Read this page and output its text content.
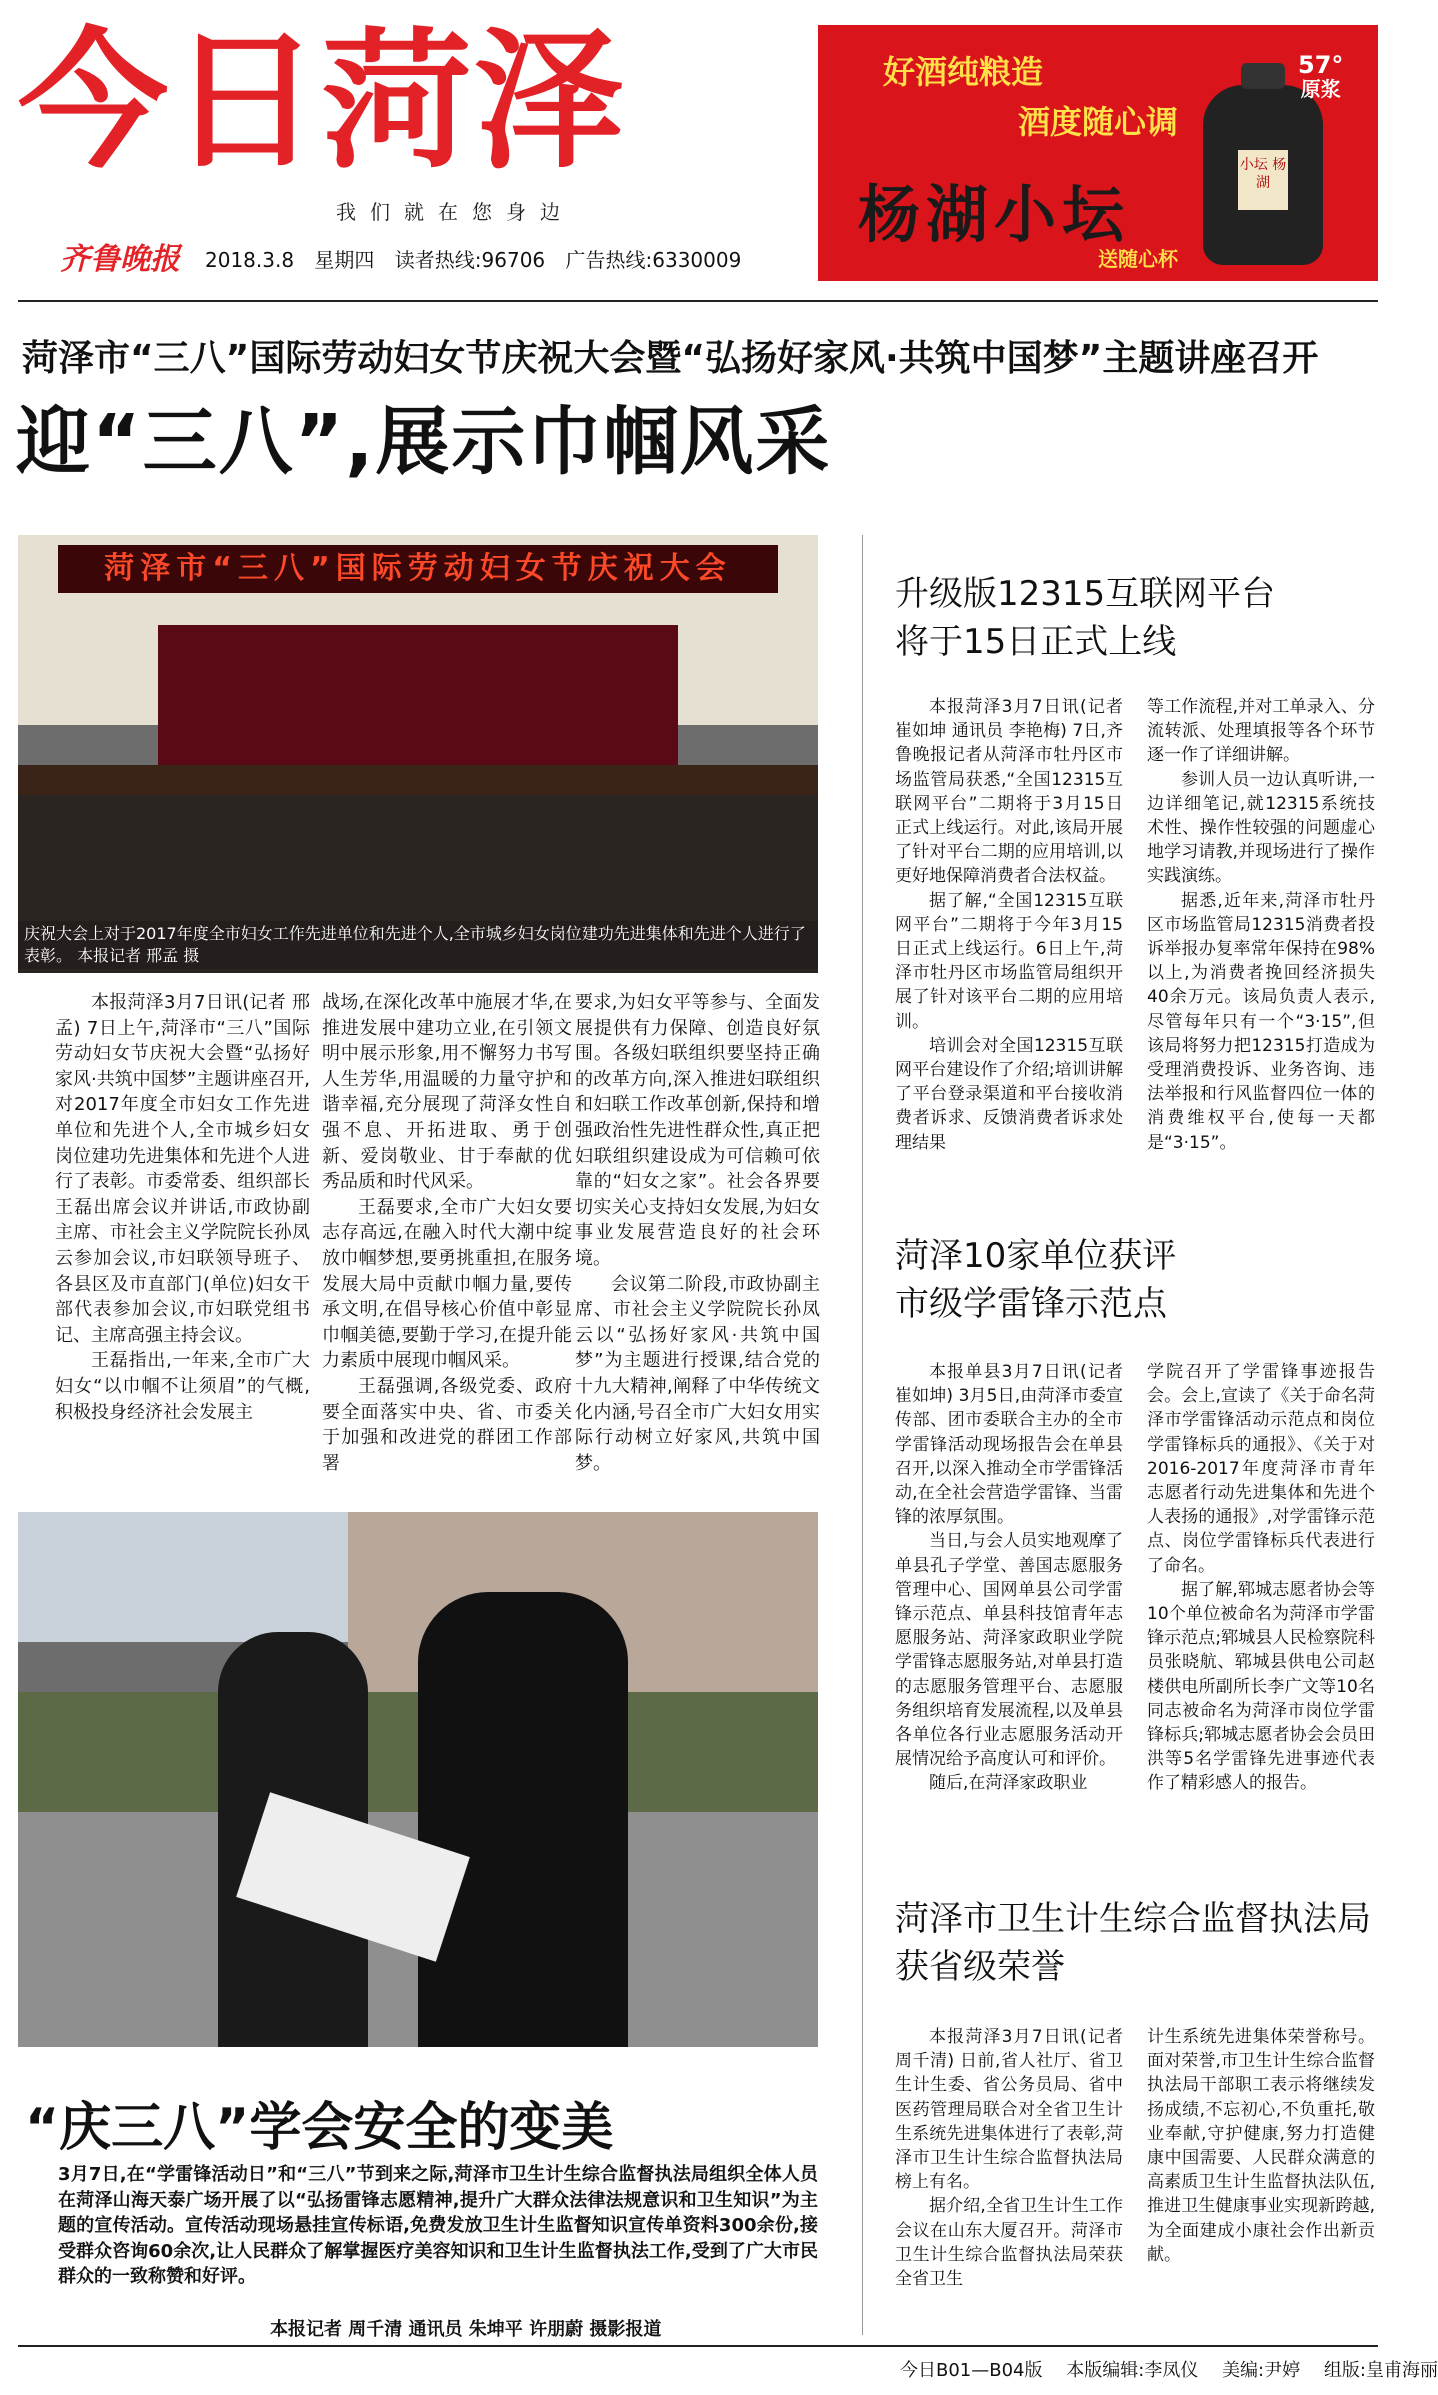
今日菏泽
我们就在您身边
齐鲁晚报 2018.3.8 星期四 读者热线:96706 广告热线:6330009
好酒纯粮造
酒度随心调
杨湖小坛
送随心杯
小坛 杨湖
57°
原浆
菏泽市“三八”国际劳动妇女节庆祝大会暨“弘扬好家风·共筑中国梦”主题讲座召开
迎“三八”,展示巾帼风采
菏泽市“三八”国际劳动妇女节庆祝大会
庆祝大会上对于2017年度全市妇女工作先进单位和先进个人,全市城乡妇女岗位建功先进集体和先进个人进行了表彰。 本报记者 邢孟 摄

本报菏泽3月7日讯(记者 邢孟) 7日上午,菏泽市“三八”国际劳动妇女节庆祝大会暨“弘扬好家风·共筑中国梦”主题讲座召开,对2017年度全市妇女工作先进单位和先进个人,全市城乡妇女岗位建功先进集体和先进个人进行了表彰。市委常委、组织部长王磊出席会议并讲话,市政协副主席、市社会主义学院院长孙凤云参加会议,市妇联领导班子、各县区及市直部门(单位)妇女干部代表参加会议,市妇联党组书记、主席高强主持会议。

王磊指出,一年来,全市广大妇女“以巾帼不让须眉”的气概,积极投身经济社会发展主

战场,在深化改革中施展才华,在推进发展中建功立业,在引领文明中展示形象,用不懈努力书写人生芳华,用温暖的力量守护和谐幸福,充分展现了菏泽女性自强不息、开拓进取、勇于创新、爱岗敬业、甘于奉献的优秀品质和时代风采。

王磊要求,全市广大妇女要志存高远,在融入时代大潮中绽放巾帼梦想,要勇挑重担,在服务发展大局中贡献巾帼力量,要传承文明,在倡导核心价值中彰显巾帼美德,要勤于学习,在提升能力素质中展现巾帼风采。

王磊强调,各级党委、政府要全面落实中央、省、市委关于加强和改进党的群团工作部署

要求,为妇女平等参与、全面发展提供有力保障、创造良好氛围。各级妇联组织要坚持正确的改革方向,深入推进妇联组织和妇联工作改革创新,保持和增强政治性先进性群众性,真正把妇联组织建设成为可信赖可依靠的“妇女之家”。社会各界要切实关心支持妇女发展,为妇女事业发展营造良好的社会环境。

会议第二阶段,市政协副主席、市社会主义学院院长孙凤云以“弘扬好家风·共筑中国梦”为主题进行授课,结合党的十九大精神,阐释了中华传统文化内涵,号召全市广大妇女用实际行动树立好家风,共筑中国梦。

升级版12315互联网平台
将于15日正式上线

本报菏泽3月7日讯(记者 崔如坤 通讯员 李艳梅) 7日,齐鲁晚报记者从菏泽市牡丹区市场监管局获悉,“全国12315互联网平台”二期将于3月15日正式上线运行。对此,该局开展了针对平台二期的应用培训,以更好地保障消费者合法权益。

据了解,“全国12315互联网平台”二期将于今年3月15日正式上线运行。6日上午,菏泽市牡丹区市场监管局组织开展了针对该平台二期的应用培训。

培训会对全国12315互联网平台建设作了介绍;培训讲解了平台登录渠道和平台接收消费者诉求、反馈消费者诉求处理结果

等工作流程,并对工单录入、分流转派、处理填报等各个环节逐一作了详细讲解。

参训人员一边认真听讲,一边详细笔记,就12315系统技术性、操作性较强的问题虚心地学习请教,并现场进行了操作实践演练。

据悉,近年来,菏泽市牡丹区市场监管局12315消费者投诉举报办复率常年保持在98%以上,为消费者挽回经济损失40余万元。该局负责人表示,尽管每年只有一个“3·15”,但该局将努力把12315打造成为受理消费投诉、业务咨询、违法举报和行风监督四位一体的消费维权平台,使每一天都是“3·15”。

菏泽10家单位获评
市级学雷锋示范点

本报单县3月7日讯(记者 崔如坤) 3月5日,由菏泽市委宣传部、团市委联合主办的全市学雷锋活动现场报告会在单县召开,以深入推动全市学雷锋活动,在全社会营造学雷锋、当雷锋的浓厚氛围。

当日,与会人员实地观摩了单县孔子学堂、善国志愿服务管理中心、国网单县公司学雷锋示范点、单县科技馆青年志愿服务站、菏泽家政职业学院学雷锋志愿服务站,对单县打造的志愿服务管理平台、志愿服务组织培育发展流程,以及单县各单位各行业志愿服务活动开展情况给予高度认可和评价。

随后,在菏泽家政职业

学院召开了学雷锋事迹报告会。会上,宣读了《关于命名菏泽市学雷锋活动示范点和岗位学雷锋标兵的通报》、《关于对2016-2017年度菏泽市青年志愿者行动先进集体和先进个人表扬的通报》,对学雷锋示范点、岗位学雷锋标兵代表进行了命名。

据了解,郓城志愿者协会等10个单位被命名为菏泽市学雷锋示范点;郓城县人民检察院科员张晓航、郓城县供电公司赵楼供电所副所长李广文等10名同志被命名为菏泽市岗位学雷锋标兵;郓城志愿者协会会员田洪等5名学雷锋先进事迹代表作了精彩感人的报告。

菏泽市卫生计生综合监督执法局
获省级荣誉

本报菏泽3月7日讯(记者 周千清) 日前,省人社厅、省卫生计生委、省公务员局、省中医药管理局联合对全省卫生计生系统先进集体进行了表彰,菏泽市卫生计生综合监督执法局榜上有名。

据介绍,全省卫生计生工作会议在山东大厦召开。菏泽市卫生计生综合监督执法局荣获全省卫生

计生系统先进集体荣誉称号。面对荣誉,市卫生计生综合监督执法局干部职工表示将继续发扬成绩,不忘初心,不负重托,敬业奉献,守护健康,努力打造健康中国需要、人民群众满意的高素质卫生计生监督执法队伍,推进卫生健康事业实现新跨越,为全面建成小康社会作出新贡献。

“庆三八”学会安全的变美
3月7日,在“学雷锋活动日”和“三八”节到来之际,菏泽市卫生计生综合监督执法局组织全体人员在菏泽山海天泰广场开展了以“弘扬雷锋志愿精神,提升广大群众法律法规意识和卫生知识”为主题的宣传活动。宣传活动现场悬挂宣传标语,免费发放卫生计生监督知识宣传单资料300余份,接受群众咨询60余次,让人民群众了解掌握医疗美容知识和卫生计生监督执法工作,受到了广大市民群众的一致称赞和好评。
本报记者 周千清 通讯员 朱坤平 许朋蔚 摄影报道
今日B01—B04版 本版编辑:李凤仪 美编:尹婷 组版:皇甫海丽
